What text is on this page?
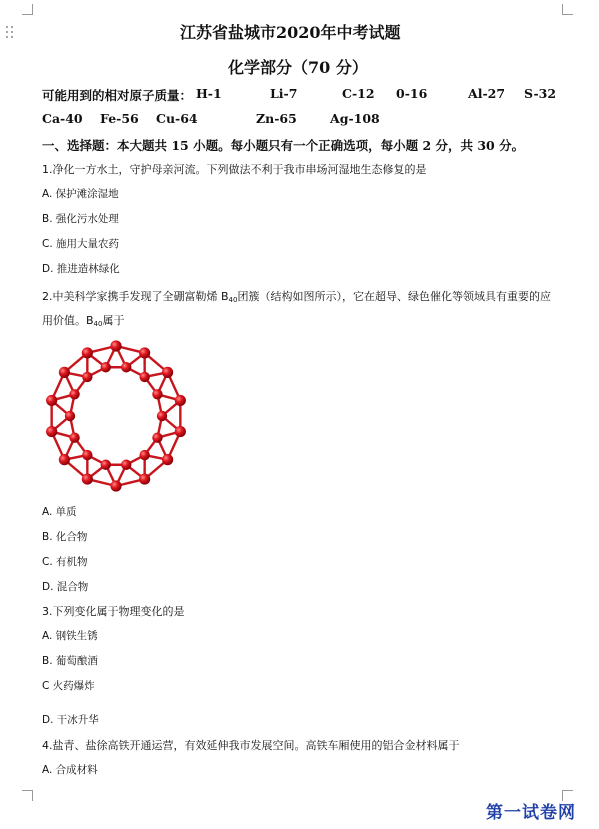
江苏省盐城市2020年中考试题
化学部分（70 分）
可能用到的相对原子质量： H-1	Li-7	C-12 0-16	Al-27 S-32
Ca-40 Fe-56 Cu-64	Zn-65	Ag-108
一、选择题：本大题共 15 小题。每小题只有一个正确选项，每小题 2 分，共 30 分。
1.净化一方水土，守护母亲河流。下列做法不利于我市串场河湿地生态修复的是
A. 保护滩涂湿地
B. 强化污水处理
C. 施用大量农药
D. 推进造林绿化
2.中美科学家携手发现了全硼富勒烯 $B_{40}$团簇（结构如图所示），它在超导、绿色催化等领域具有重要的应
用价值。$B_{40}$属于
A. 单质
B. 化合物
C. 有机物
D. 混合物
3.下列变化属于物理变化的是
A. 钢铁生锈
B. 葡萄酿酒
C 火药爆炸
D. 干冰升华
4.盐青、盐徐高铁开通运营，有效延伸我市发展空间。高铁车厢使用的铝合金材料属于
A. 合成材料
第一试卷网
